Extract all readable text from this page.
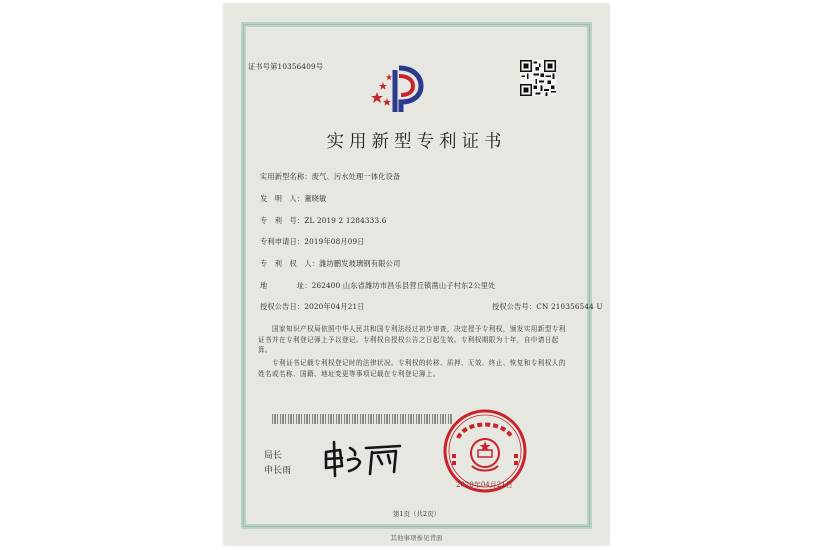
证书号第10356409号
实用新型专利证书
实用新型名称：废气、污水处理一体化设备
发　明　人：董晓敏
专　利　号：ZL 2019 2 1284333.6
专利申请日：2019年08月09日
专　利　权　人：潍坊鹏发玻璃钢有限公司
地　　　　址：262400 山东省潍坊市昌乐县营丘镇凿山子村东2公里处
授权公告日：2020年04月21日	授权公告号：CN 210356544 U
国家知识产权局依照中华人民共和国专利法经过初步审查，决定授予专利权，颁发实用新型专利证书并在专利登记簿上予以登记。专利权自授权公告之日起生效。专利权期限为十年，自申请日起算。
专利证书记载专利权登记时的法律状况。专利权的转移、质押、无效、终止、恢复和专利权人的姓名或名称、国籍、地址变更等事项记载在专利登记簿上。
局长
申长雨
2020年04月21日
第1页（共2页）
其他事项参见背面
